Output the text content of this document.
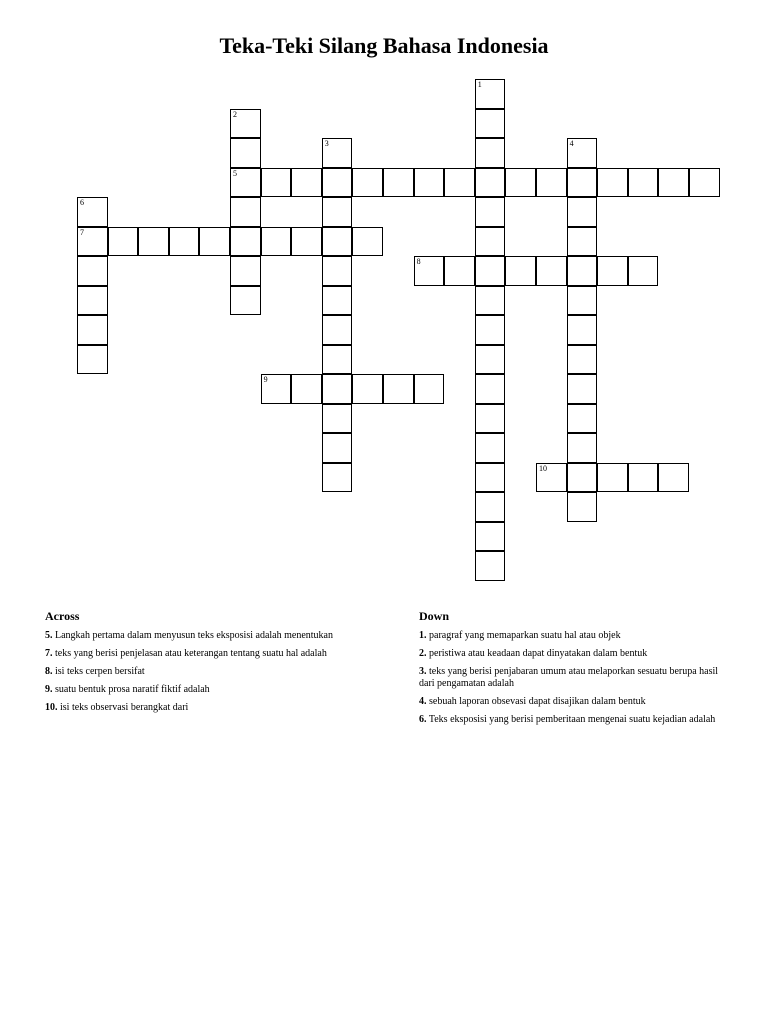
Teka-Teki Silang Bahasa Indonesia
1
2
5
3	4
6
7
8
9
10
Across
5. Langkah pertama dalam menyusun teks eksposisi adalah menentukan
7. teks yang berisi penjelasan atau keterangan tentang suatu hal adalah
8. isi teks cerpen bersifat
9. suatu bentuk prosa naratif fiktif adalah
10. isi teks observasi berangkat dari
Down
1. paragraf yang memaparkan suatu hal atau objek
2. peristiwa atau keadaan dapat dinyatakan dalam bentuk
3. teks yang berisi penjabaran umum atau melaporkan sesuatu berupa hasil dari pengamatan adalah
4. sebuah laporan obsevasi dapat disajikan dalam bentuk
6. Teks eksposisi yang berisi pemberitaan mengenai suatu kejadian adalah
